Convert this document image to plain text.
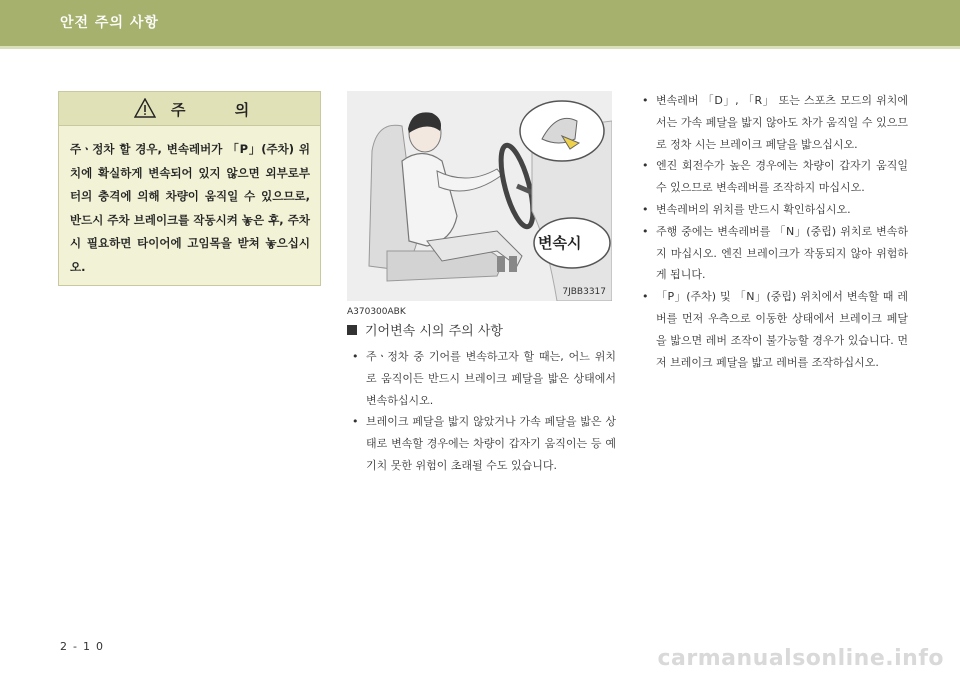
안전 주의 사항
주 의
주ㆍ정차 할 경우, 변속레버가 「P」(주차) 위치에 확실하게 변속되어 있지 않으면 외부로부터의 충격에 의해 차량이 움직일 수 있으므로, 반드시 주차 브레이크를 작동시켜 놓은 후, 주차 시 필요하면 타이어에 고임목을 받쳐 놓으십시오.
7JBB3317
변속시
A370300ABK
기어변속 시의 주의 사항
• 주ㆍ정차 중 기어를 변속하고자 할 때는, 어느 위치로 움직이든 반드시 브레이크 페달을 밟은 상태에서 변속하십시오.
• 브레이크 페달을 밟지 않았거나 가속 페달을 밟은 상태로 변속할 경우에는 차량이 갑자기 움직이는 등 예기치 못한 위험이 초래될 수도 있습니다.
• 변속레버 「D」, 「R」 또는 스포츠 모드의 위치에서는 가속 페달을 밟지 않아도 차가 움직일 수 있으므로 정차 시는 브레이크 페달을 밟으십시오.
• 엔진 회전수가 높은 경우에는 차량이 갑자기 움직일 수 있으므로 변속레버를 조작하지 마십시오.
• 변속레버의 위치를 반드시 확인하십시오.
• 주행 중에는 변속레버를 「N」(중립) 위치로 변속하지 마십시오. 엔진 브레이크가 작동되지 않아 위험하게 됩니다.
• 「P」(주차) 및 「N」(중립) 위치에서 변속할 때 레버를 먼저 우측으로 이동한 상태에서 브레이크 페달을 밟으면 레버 조작이 불가능할 경우가 있습니다. 먼저 브레이크 페달을 밟고 레버를 조작하십시오.
2-10	carmanualsonline.info
